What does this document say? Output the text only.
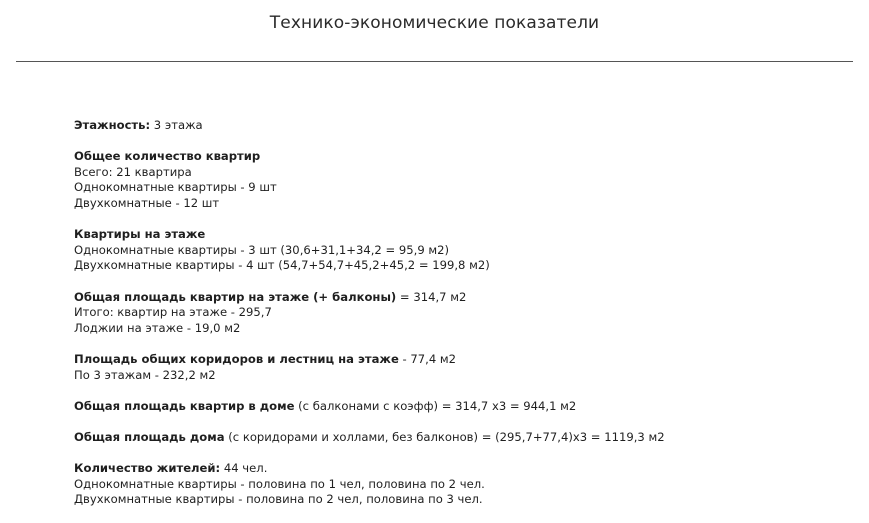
Технико-экономические показатели
Этажность: 3 этажа
Общее количество квартир
Всего: 21 квартира
Однокомнатные квартиры - 9 шт
Двухкомнатные - 12 шт
Квартиры на этаже
Однокомнатные квартиры - 3 шт (30,6+31,1+34,2 = 95,9 м2)
Двухкомнатные квартиры - 4 шт (54,7+54,7+45,2+45,2 = 199,8 м2)
Общая площадь квартир на этаже (+ балконы) = 314,7 м2
Итого: квартир на этаже - 295,7
Лоджии на этаже - 19,0 м2
Площадь общих коридоров и лестниц на этаже - 77,4 м2
По 3 этажам - 232,2 м2
Общая площадь квартир в доме (с балконами с коэфф) = 314,7 х3 = 944,1 м2
Общая площадь дома (с коридорами и холлами, без балконов) = (295,7+77,4)х3 = 1119,3 м2
Количество жителей: 44 чел.
Однокомнатные квартиры - половина по 1 чел, половина по 2 чел.
Двухкомнатные квартиры - половина по 2 чел, половина по 3 чел.
